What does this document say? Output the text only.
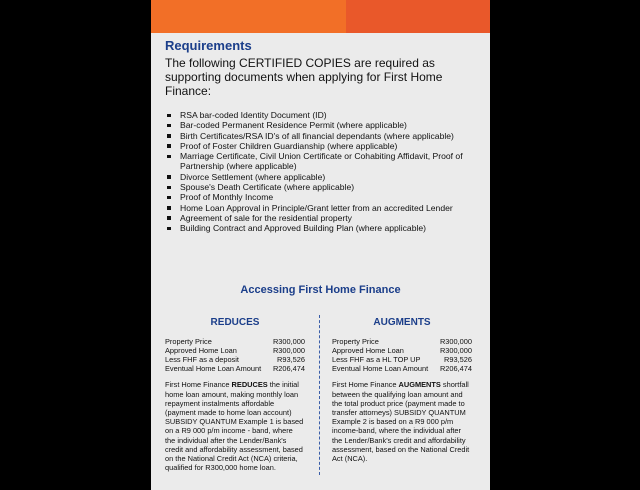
Requirements

The following CERTIFIED COPIES are required as supporting documents when applying for First Home Finance:

RSA bar-coded Identity Document (ID)
Bar-coded Permanent Residence Permit (where applicable)
Birth Certificates/RSA ID's of all financial dependants (where applicable)
Proof of Foster Children Guardianship (where applicable)
Marriage Certificate, Civil Union Certificate or Cohabiting Affidavit, Proof of Partnership (where applicable)
Divorce Settlement (where applicable)
Spouse's Death Certificate (where applicable)
Proof of Monthly Income
Home Loan Approval in Principle/Grant letter from an accredited Lender
Agreement of sale for the residential property
Building Contract and Approved Building Plan (where applicable)
Accessing First Home Finance
REDUCES
Property Price	R300,000
Approved Home Loan	R300,000
Less FHF as a deposit	R93,526
Eventual Home Loan Amount R206,474
First Home Finance REDUCES the initial home loan amount, making monthly loan repayment instalments affordable (payment made to home loan account) SUBSIDY QUANTUM Example 1 is based on a R9 000 p/m income - band, where the individual after the Lender/Bank's credit and affordability assessment, based on the National Credit Act (NCA) criteria, qualified for R300,000 home loan.
AUGMENTS
Property Price	R300,000
Approved Home Loan	R300,000
Less FHF as a HL TOP UP	R93,526
Eventual Home Loan Amount R206,474
First Home Finance AUGMENTS shortfall between the qualifying loan amount and the total product price (payment made to transfer attorneys) SUBSIDY QUANTUM Example 2 is based on a R9 000 p/m income-band, where the individual after the Lender/Bank's credit and affordability assessment, based on the National Credit Act (NCA).
